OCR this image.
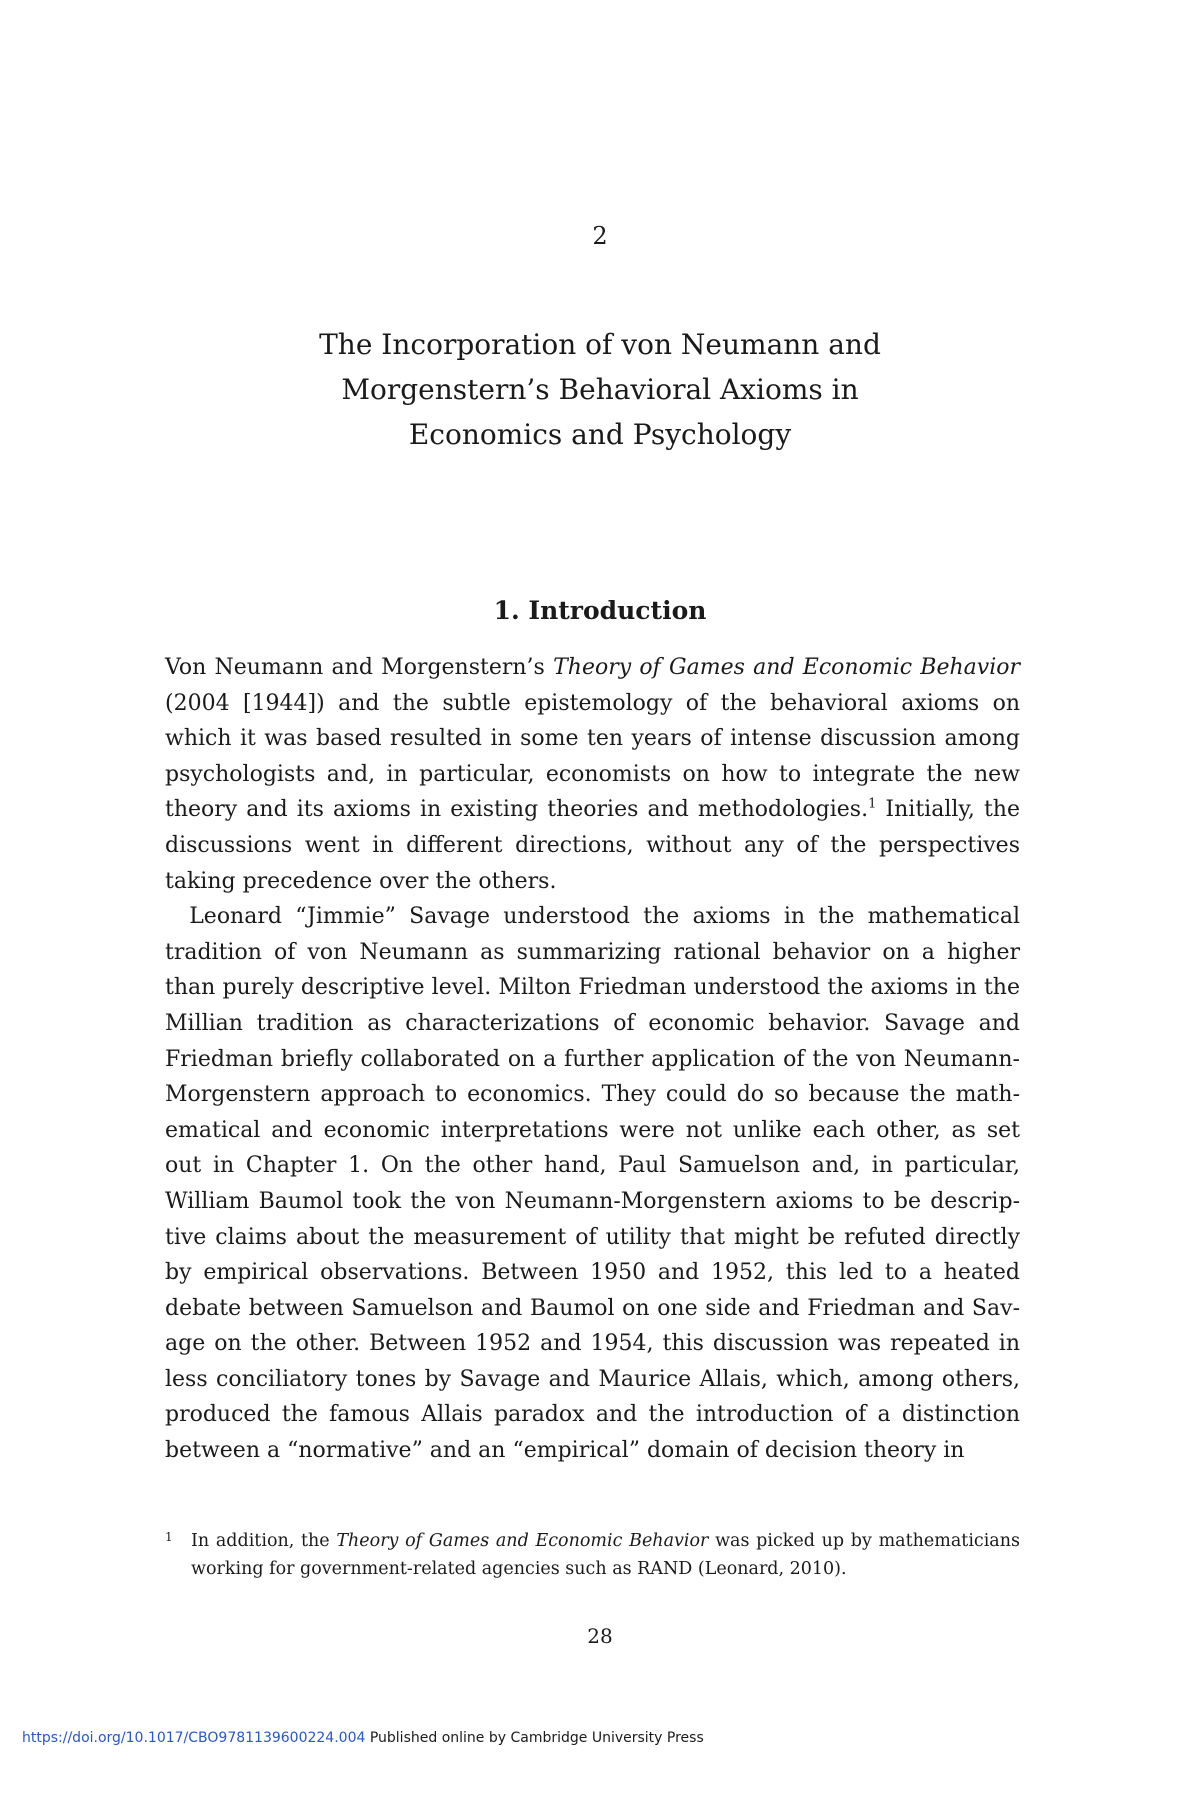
2
The Incorporation of von Neumann and
Morgenstern’s Behavioral Axioms in
Economics and Psychology
1. Introduction

Von Neumann and Morgenstern’s Theory of Games and Economic Behavior (2004 [1944]) and the subtle epistemology of the behavioral axioms on which it was based resulted in some ten years of intense discussion among psychologists and, in particular, economists on how to integrate the new theory and its axioms in existing theories and methodologies.$^1$ Initially, the discussions went in different directions, without any of the perspectives taking precedence over the others.

Leonard “Jimmie” Savage understood the axioms in the mathematical tradition of von Neumann as summarizing rational behavior on a higher than purely descriptive level. Milton Friedman understood the axioms in the Millian tradition as characterizations of economic behavior. Savage and Friedman briefly collaborated on a further application of the von Neumann-Morgenstern approach to economics. They could do so because the mathematical and economic interpretations were not unlike each other, as set out in Chapter 1. On the other hand, Paul Samuelson and, in particular, William Baumol took the von Neumann-Morgenstern axioms to be descriptive claims about the measurement of utility that might be refuted directly by empirical observations. Between 1950 and 1952, this led to a heated debate between Samuelson and Baumol on one side and Friedman and Savage on the other. Between 1952 and 1954, this discussion was repeated in less conciliatory tones by Savage and Maurice Allais, which, among others, produced the famous Allais paradox and the introduction of a distinction between a “normative” and an “empirical” domain of decision theory in

1 In addition, the Theory of Games and Economic Behavior was picked up by mathematicians working for government-related agencies such as RAND (Leonard, 2010).
28
https://doi.org/10.1017/CBO9781139600224.004 Published online by Cambridge University Press
